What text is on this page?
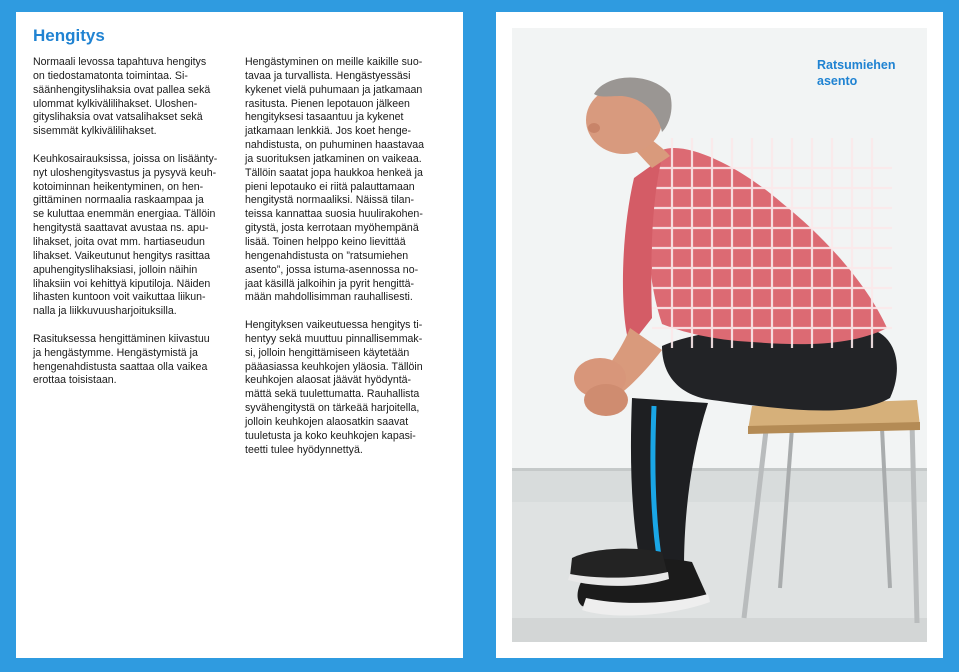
Hengitys

Normaali levossa tapahtuva hengitys
on tiedostamatonta toimintaa. Si-
säänhengityslihaksia ovat pallea sekä
ulommat kylkivälilihakset. Uloshen-
gityslihaksia ovat vatsalihakset sekä
sisemmät kylkivälilihakset.

Keuhkosairauksissa, joissa on lisäänty-
nyt uloshengitysvastus ja pysyvä keuh-
kotoiminnan heikentyminen, on hen-
gittäminen normaalia raskaampaa ja
se kuluttaa enemmän energiaa. Tällöin
hengitystä saattavat avustaa ns. apu-
lihakset, joita ovat mm. hartiaseudun
lihakset. Vaikeutunut hengitys rasittaa
apuhengityslihaksiasi, jolloin näihin
lihaksiin voi kehittyä kiputiloja. Näiden
lihasten kuntoon voit vaikuttaa liikun-
nalla ja liikkuvuusharjoituksilla.

Rasituksessa hengittäminen kiivastuu
ja hengästymme. Hengästymistä ja
hengenahdistusta saattaa olla vaikea
erottaa toisistaan.

Hengästyminen on meille kaikille suo-
tavaa ja turvallista. Hengästyessäsi
kykenet vielä puhumaan ja jatkamaan
rasitusta. Pienen lepotauon jälkeen
hengityksesi tasaantuu ja kykenet
jatkamaan lenkkiä. Jos koet henge-
nahdistusta, on puhuminen haastavaa
ja suorituksen jatkaminen on vaikeaa.
Tällöin saatat jopa haukkoa henkeä ja
pieni lepotauko ei riitä palauttamaan
hengitystä normaaliksi. Näissä tilan-
teissa kannattaa suosia huulirakohen-
gitystä, josta kerrotaan myöhempänä
lisää. Toinen helppo keino lievittää
hengenahdistusta on ”ratsumiehen
asento”, jossa istuma-asennossa no-
jaat käsillä jalkoihin ja pyrit hengittä-
mään mahdollisimman rauhallisesti.

Hengityksen vaikeutuessa hengitys ti-
hentyy sekä muuttuu pinnallisemmak-
si, jolloin hengittämiseen käytetään
pääasiassa keuhkojen yläosia. Tällöin
keuhkojen alaosat jäävät hyödyntä-
mättä sekä tuulettumatta. Rauhallista
syvähengitystä on tärkeää harjoitella,
jolloin keuhkojen alaosatkin saavat
tuuletusta ja koko keuhkojen kapasi-
teetti tulee hyödynnettyä.

Ratsumiehen
asento

20	21
